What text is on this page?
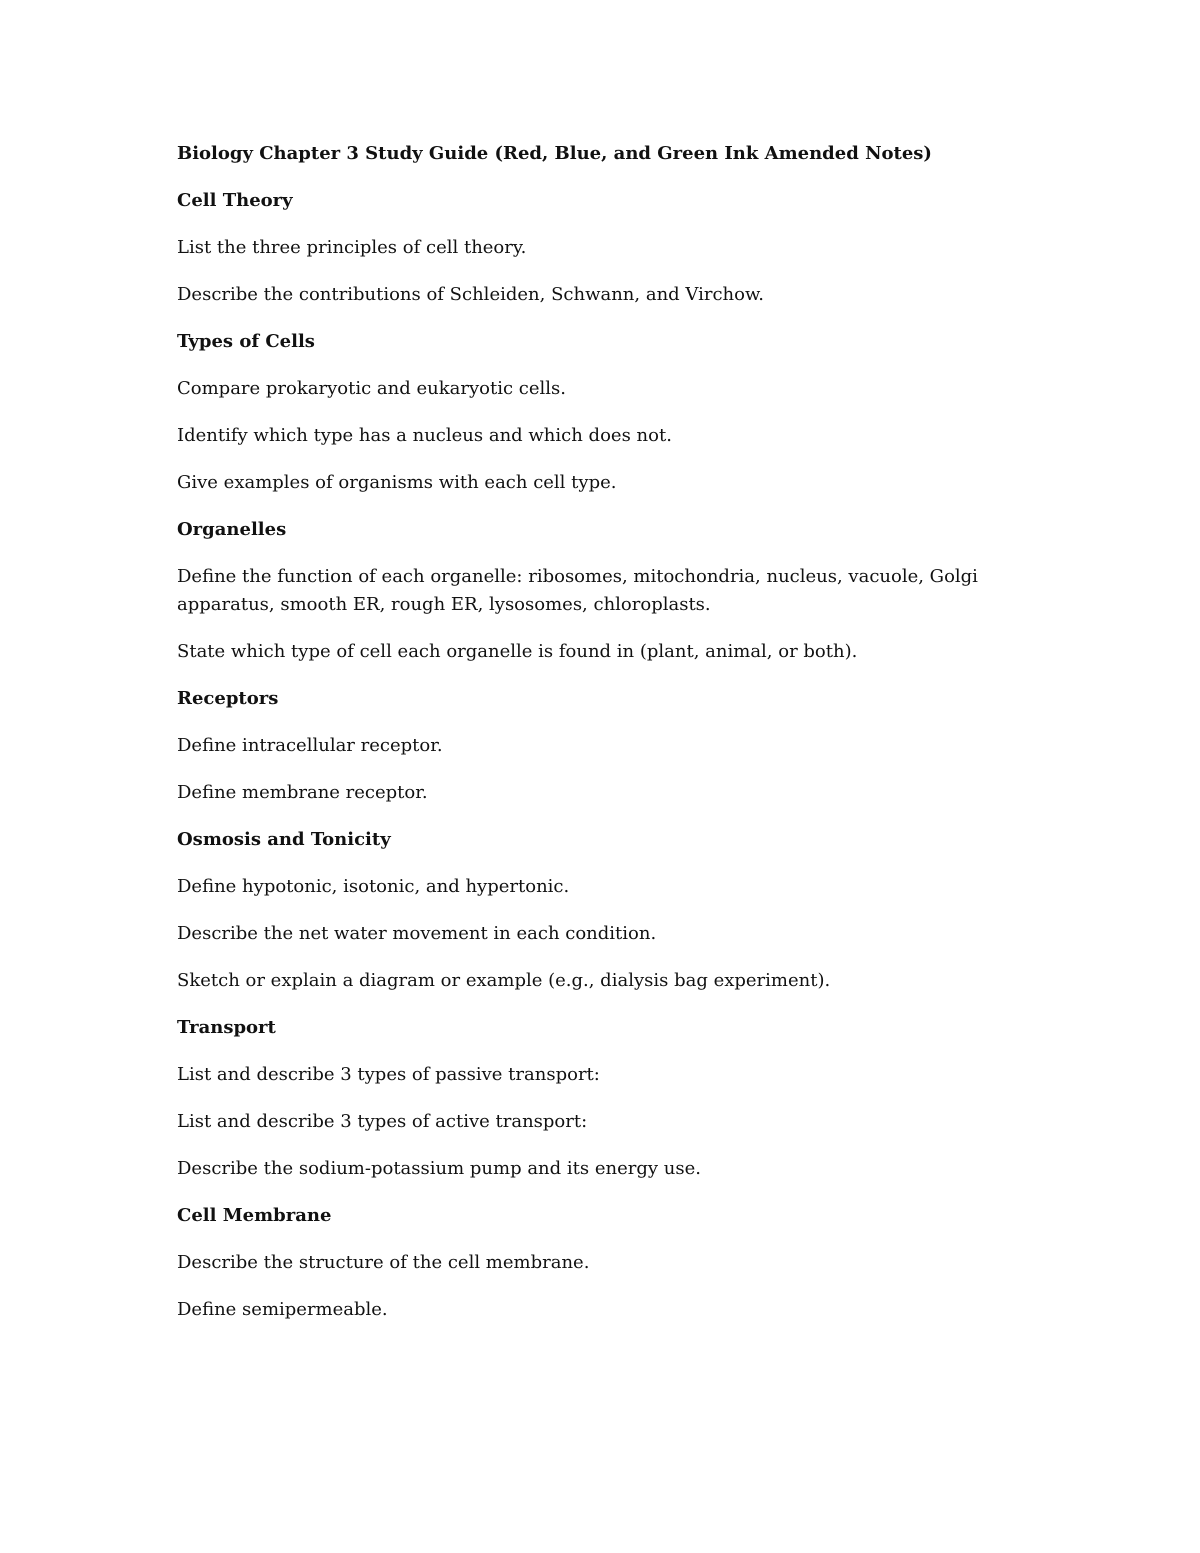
Biology Chapter 3 Study Guide (Red, Blue, and Green Ink Amended Notes)

Cell Theory

List the three principles of cell theory.

Describe the contributions of Schleiden, Schwann, and Virchow.

Types of Cells

Compare prokaryotic and eukaryotic cells.

Identify which type has a nucleus and which does not.

Give examples of organisms with each cell type.

Organelles

Define the function of each organelle: ribosomes, mitochondria, nucleus, vacuole, Golgi apparatus, smooth ER, rough ER, lysosomes, chloroplasts.

State which type of cell each organelle is found in (plant, animal, or both).

Receptors

Define intracellular receptor.

Define membrane receptor.

Osmosis and Tonicity

Define hypotonic, isotonic, and hypertonic.

Describe the net water movement in each condition.

Sketch or explain a diagram or example (e.g., dialysis bag experiment).

Transport

List and describe 3 types of passive transport:

List and describe 3 types of active transport:

Describe the sodium-potassium pump and its energy use.

Cell Membrane

Describe the structure of the cell membrane.

Define semipermeable.
